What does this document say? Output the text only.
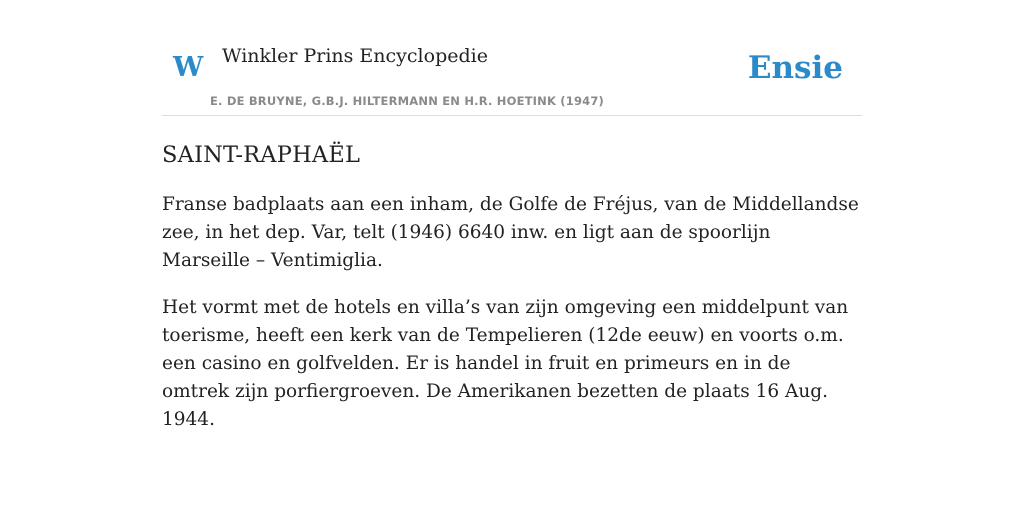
W Winkler Prins Encyclopedie
E. DE BRUYNE, G.B.J. HILTERMANN EN H.R. HOETINK (1947)
Ensie
SAINT-RAPHAËL

Franse badplaats aan een inham, de Golfe de Fréjus, van de Middellandse zee, in het dep. Var, telt (1946) 6640 inw. en ligt aan de spoorlijn Marseille – Ventimiglia.

Het vormt met de hotels en villa’s van zijn omgeving een middelpunt van toerisme, heeft een kerk van de Tempelieren (12de eeuw) en voorts o.m. een casino en golfvelden. Er is handel in fruit en primeurs en in de omtrek zijn porfiergroeven. De Amerikanen bezetten de plaats 16 Aug. 1944.
